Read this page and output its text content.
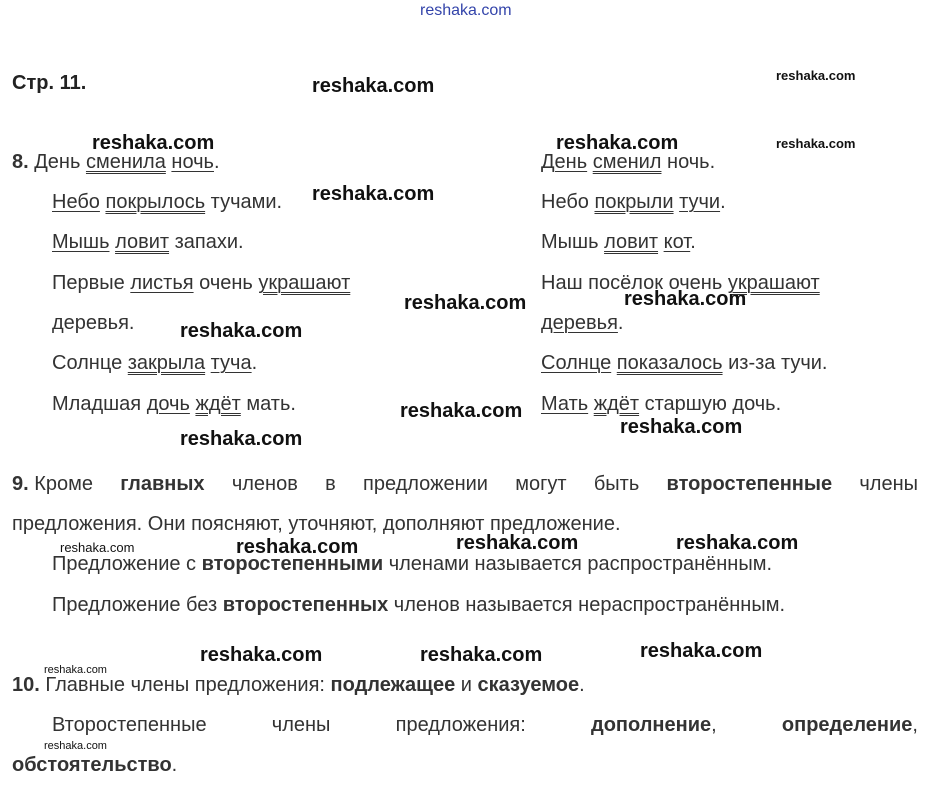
reshaka.com
reshaka.com	reshaka.com
reshaka.com	reshaka.com	reshaka.com
reshaka.com
reshaka.com	reshaka.com
reshaka.com
reshaka.com
reshaka.com
reshaka.com
reshaka.com	reshaka.com	reshaka.com	reshaka.com
reshaka.com	reshaka.com	reshaka.com
reshaka.com
reshaka.com
Стр. 11.
8. День сменила ночь.
Небо покрылось тучами.
Мышь ловит запахи.
Первые листья очень украшают
деревья.
Солнце закрыла туча.
Младшая дочь ждёт мать.
День сменил ночь.
Небо покрыли тучи.
Мышь ловит кот.
Наш посёлок очень украшают
деревья.
Солнце показалось из-за тучи.
Мать ждёт старшую дочь.
9. Кроме главных членов в предложении могут быть второстепенные члены
предложения. Они поясняют, уточняют, дополняют предложение.
Предложение с второстепенными членами называется распространённым.
Предложение без второстепенных членов называется нераспространённым.
10. Главные члены предложения: подлежащее и сказуемое.
Второстепенные	члены	предложения:	дополнение,	определение,
обстоятельство.
